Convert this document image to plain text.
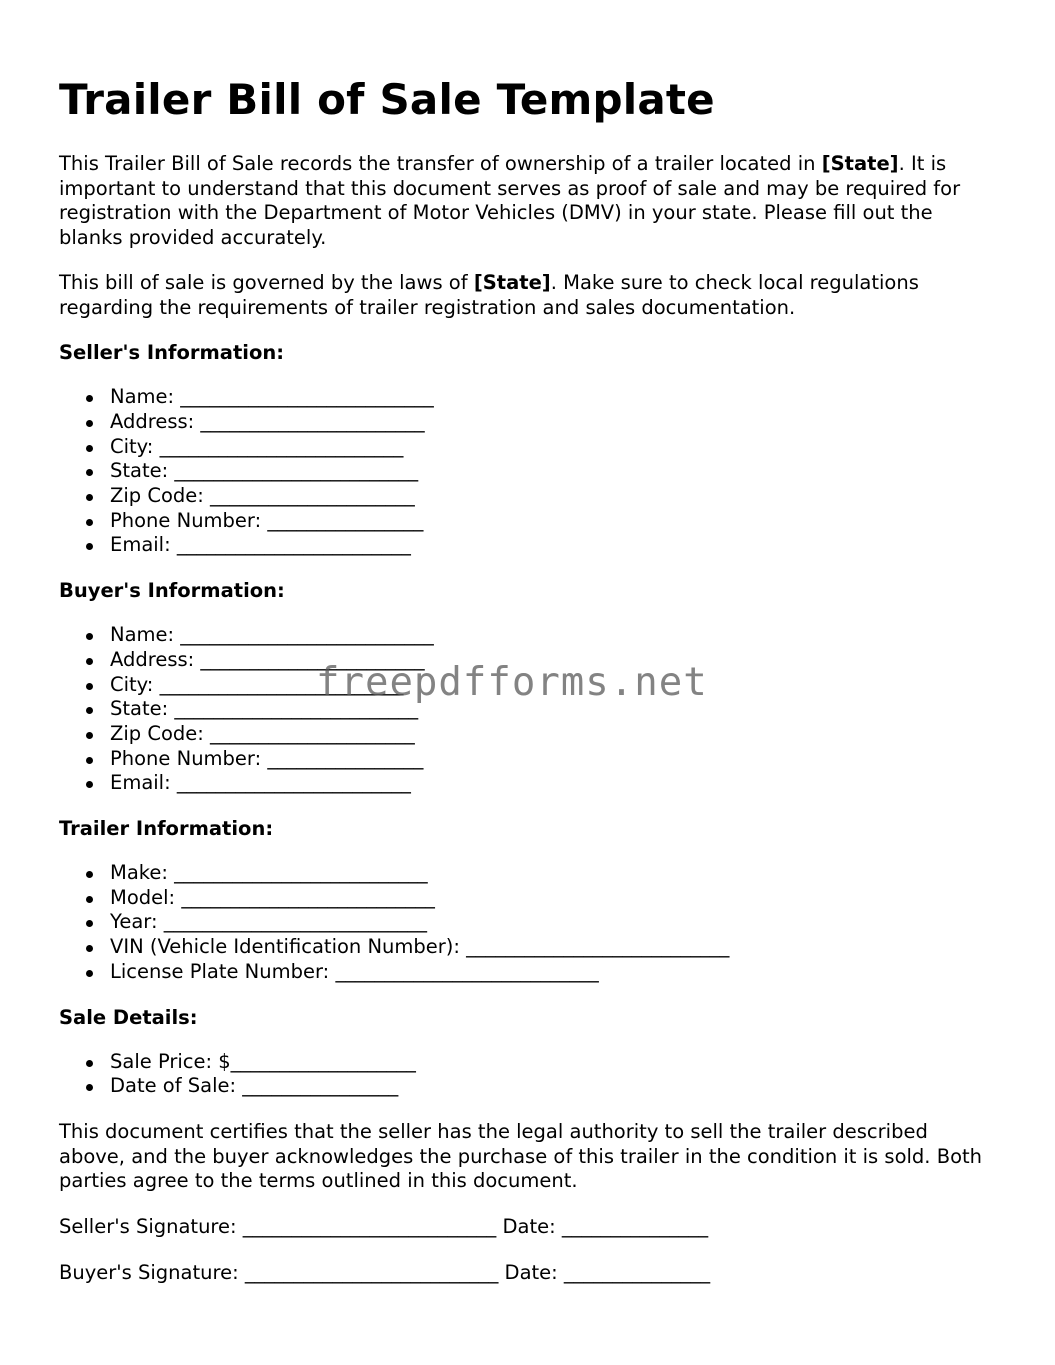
Trailer Bill of Sale Template

This Trailer Bill of Sale records the transfer of ownership of a trailer located in [State]. It is important to understand that this document serves as proof of sale and may be required for registration with the Department of Motor Vehicles (DMV) in your state. Please fill out the blanks provided accurately.

This bill of sale is governed by the laws of [State]. Make sure to check local regulations regarding the requirements of trailer registration and sales documentation.

Seller's Information:
Name: __________________________
Address: _______________________
City: _________________________
State: _________________________
Zip Code: _____________________
Phone Number: ________________
Email: ________________________
Buyer's Information:
Name: __________________________
Address: _______________________
City: _________________________
State: _________________________
Zip Code: _____________________
Phone Number: ________________
Email: ________________________
Trailer Information:
Make: __________________________
Model: __________________________
Year: ___________________________
VIN (Vehicle Identification Number): ___________________________
License Plate Number: ___________________________
Sale Details:
Sale Price: $___________________
Date of Sale: ________________

This document certifies that the seller has the legal authority to sell the trailer described above, and the buyer acknowledges the purchase of this trailer in the condition it is sold. Both parties agree to the terms outlined in this document.

Seller's Signature: __________________________ Date: _______________
Buyer's Signature: __________________________ Date: _______________
freepdfforms.net
